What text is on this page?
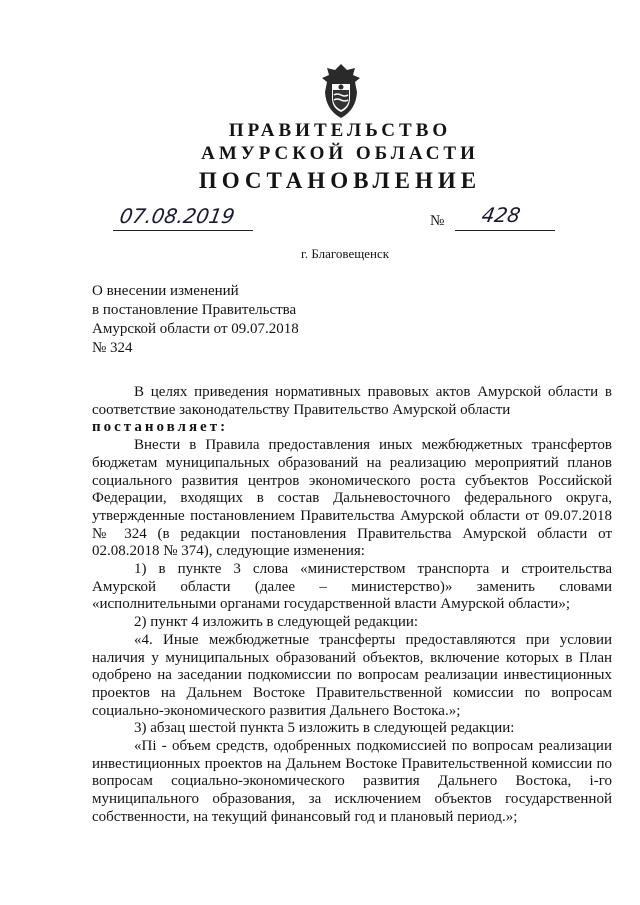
ПРАВИТЕЛЬСТВО
АМУРСКОЙ ОБЛАСТИ
ПОСТАНОВЛЕНИЕ
07.08.2019	№ 428
г. Благовещенск
О внесении изменений
в постановление Правительства
Амурской области от 09.07.2018
№ 324

В целях приведения нормативных правовых актов Амурской области в соответствие законодательству Правительство Амурской области

постановляет:

Внести в Правила предоставления иных межбюджетных трансфертов бюджетам муниципальных образований на реализацию мероприятий планов социального развития центров экономического роста субъектов Российской Федерации, входящих в состав Дальневосточного федерального округа, утвержденные постановлением Правительства Амурской области от 09.07.2018 № 324 (в редакции постановления Правительства Амурской области от 02.08.2018 № 374), следующие изменения:

1) в пункте 3 слова «министерством транспорта и строительства Амурской области (далее – министерство)» заменить словами «исполнительными органами государственной власти Амурской области»;

2) пункт 4 изложить в следующей редакции:

«4. Иные межбюджетные трансферты предоставляются при условии наличия у муниципальных образований объектов, включение которых в План одобрено на заседании подкомиссии по вопросам реализации инвестиционных проектов на Дальнем Востоке Правительственной комиссии по вопросам социально-экономического развития Дальнего Востока.»;

3) абзац шестой пункта 5 изложить в следующей редакции:

«Пi - объем средств, одобренных подкомиссией по вопросам реализации инвестиционных проектов на Дальнем Востоке Правительственной комиссии по вопросам социально-экономического развития Дальнего Востока, i-го муниципального образования, за исключением объектов государственной собственности, на текущий финансовый год и плановый период.»;
